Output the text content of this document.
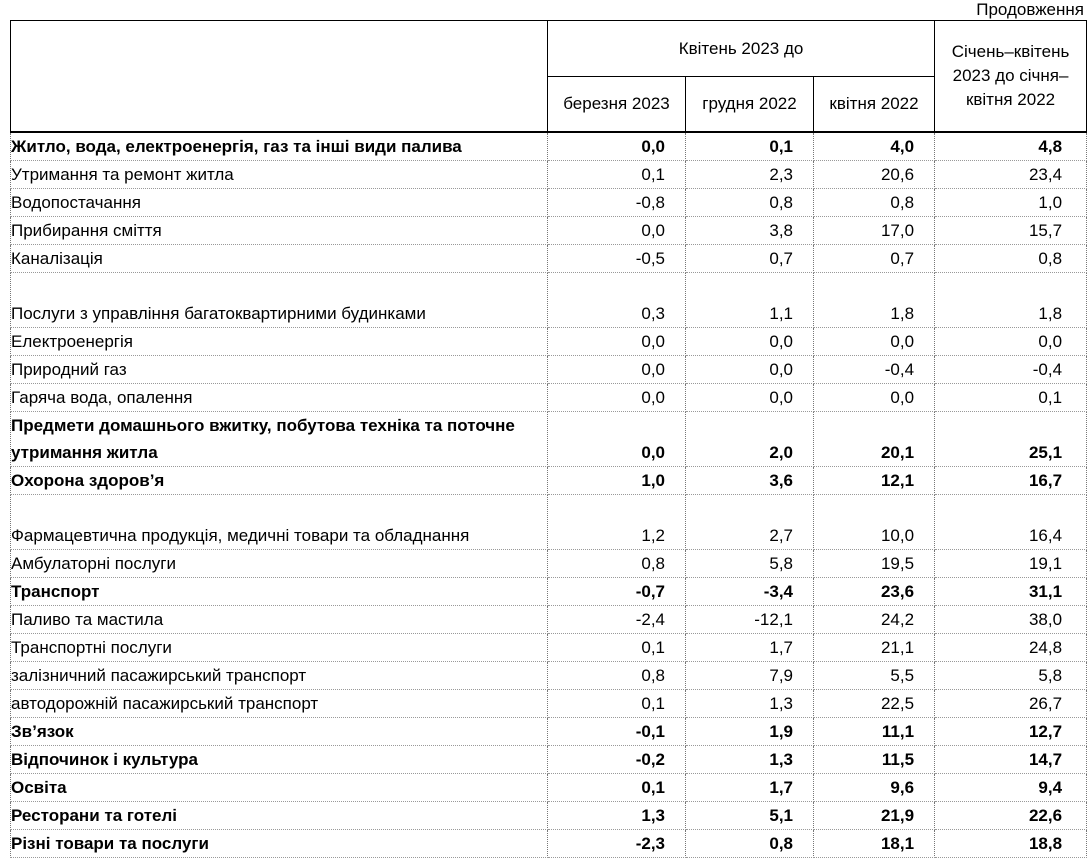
Продовження
	Квітень 2023 до			Січень–квітень 2023 до січня–квітня 2022
	березня 2023	грудня 2022	квітня 2022	
Житло, вода, електроенергія, газ та інші види палива	0,0	0,1	4,0	4,8
Утримання та ремонт житла	0,1	2,3	20,6	23,4
Водопостачання	-0,8	0,8	0,8	1,0
Прибирання сміття	0,0	3,8	17,0	15,7
Каналізація	-0,5	0,7	0,7	0,8
Послуги з управління багатоквартирними будинками	0,3	1,1	1,8	1,8
Електроенергія	0,0	0,0	0,0	0,0
Природний газ	0,0	0,0	-0,4	-0,4
Гаряча вода, опалення	0,0	0,0	0,0	0,1
Предмети домашнього вжитку, побутова техніка та поточне утримання житла	0,0	2,0	20,1	25,1
Охорона здоров’я	1,0	3,6	12,1	16,7
Фармацевтична продукція, медичні товари та обладнання	1,2	2,7	10,0	16,4
Амбулаторні послуги	0,8	5,8	19,5	19,1
Транспорт	-0,7	-3,4	23,6	31,1
Паливо та мастила	-2,4	-12,1	24,2	38,0
Транспортні послуги	0,1	1,7	21,1	24,8
залізничний пасажирський транспорт	0,8	7,9	5,5	5,8
автодорожній пасажирський транспорт	0,1	1,3	22,5	26,7
Зв’язок	-0,1	1,9	11,1	12,7
Відпочинок і культура	-0,2	1,3	11,5	14,7
Освіта	0,1	1,7	9,6	9,4
Ресторани та готелі	1,3	5,1	21,9	22,6
Різні товари та послуги	-2,3	0,8	18,1	18,8
